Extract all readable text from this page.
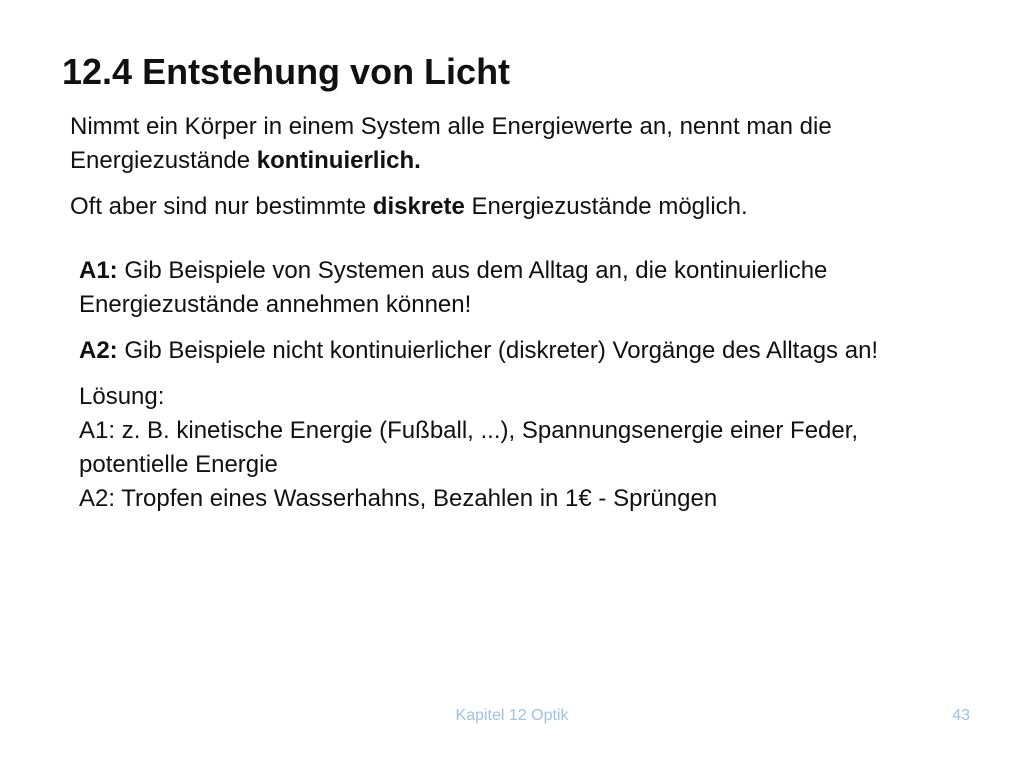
12.4 Entstehung von Licht

Nimmt ein Körper in einem System alle Energiewerte an, nennt man die Energiezustände kontinuierlich.

Oft aber sind nur bestimmte diskrete Energiezustände möglich.

A1: Gib Beispiele von Systemen aus dem Alltag an, die kontinuierliche Energiezustände annehmen können!

A2: Gib Beispiele nicht kontinuierlicher (diskreter) Vorgänge des Alltags an!

Lösung:
A1: z. B. kinetische Energie (Fußball, ...), Spannungsenergie einer Feder, potentielle Energie
A2: Tropfen eines Wasserhahns, Bezahlen in 1€ - Sprüngen
Kapitel 12 Optik	43
